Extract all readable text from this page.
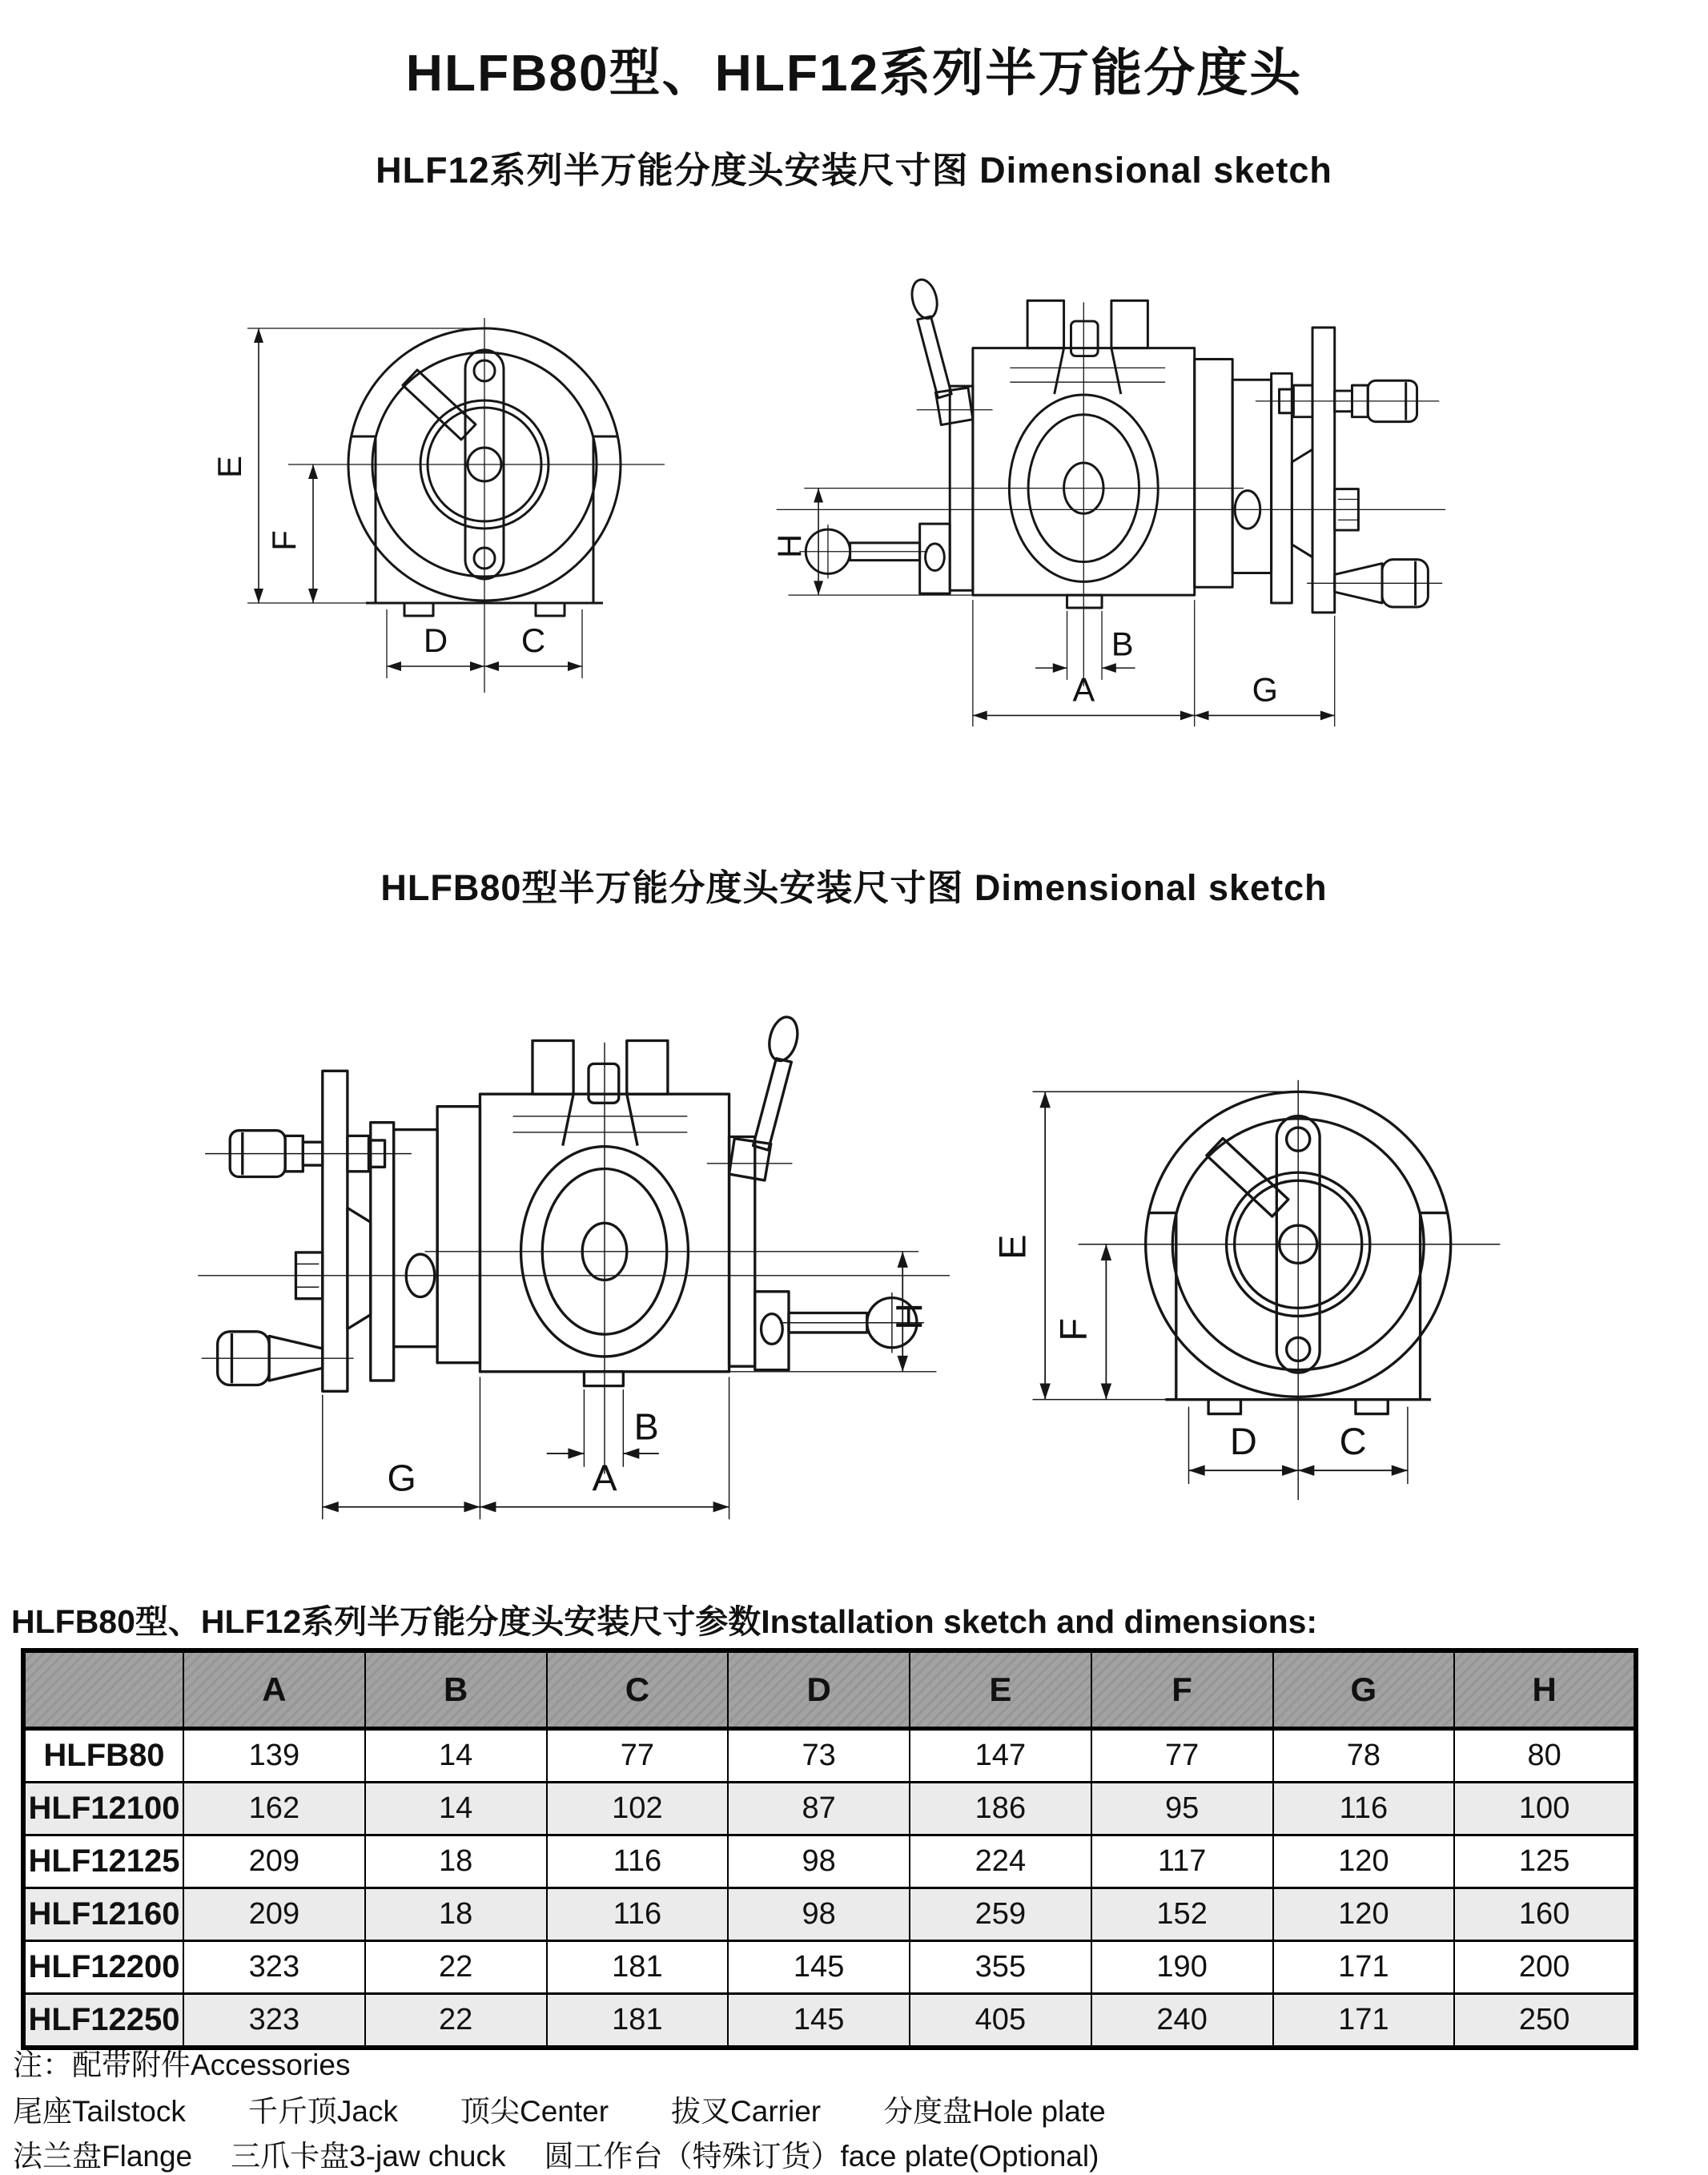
HLFB80型、HLF12系列半万能分度头
HLF12系列半万能分度头安装尺寸图 Dimensional sketch
HLFB80型半万能分度头安装尺寸图 Dimensional sketch
E
F
D C
H
B
A	G
H
B
A
G
E
F
D C
HLFB80型、HLF12系列半万能分度头安装尺寸参数Installation sketch and dimensions:
	A	B	C	D	E	F	G	H
HLFB80	139	14	77	73	147	77	78	80
HLF12100	162	14	102	87	186	95	116	100
HLF12125	209	18	116	98	224	117	120	125
HLF12160	209	18	116	98	259	152	120	160
HLF12200	323	22	181	145	355	190	171	200
HLF12250	323	22	181	145	405	240	171	250
注：配带附件Accessories
尾座Tailstock 千斤顶Jack 顶尖Center 拔叉Carrier 分度盘Hole plate
法兰盘Flange 三爪卡盘3-jaw chuck 圆工作台（特殊订货）face plate(Optional)
